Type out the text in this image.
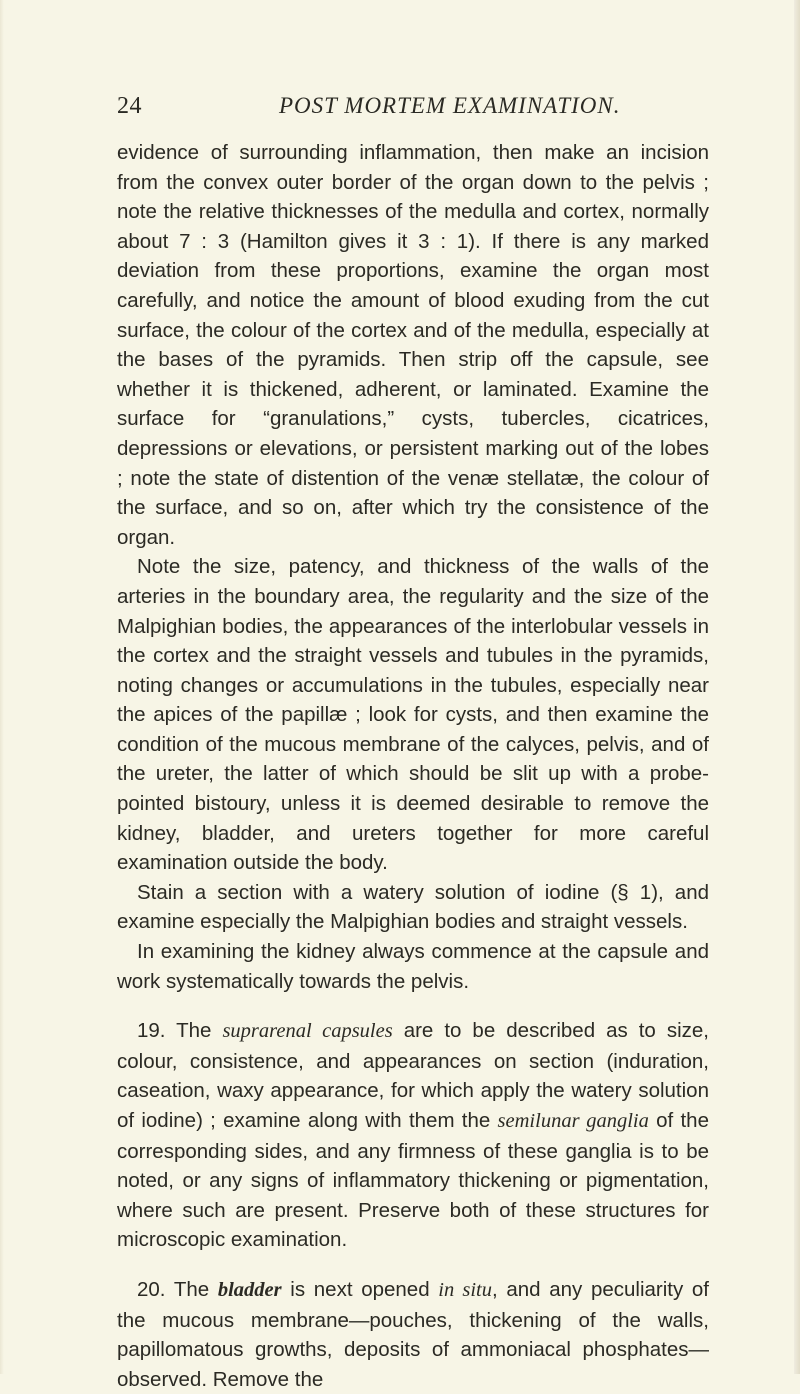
24	POST MORTEM EXAMINATION.

evidence of surrounding inflammation, then make an incision from the convex outer border of the organ down to the pelvis ; note the relative thicknesses of the medulla and cortex, normally about 7 : 3 (Hamilton gives it 3 : 1). If there is any marked deviation from these proportions, examine the organ most carefully, and notice the amount of blood exuding from the cut surface, the colour of the cortex and of the medulla, especially at the bases of the pyramids. Then strip off the capsule, see whether it is thickened, adherent, or laminated. Examine the surface for “granulations,” cysts, tubercles, cicatrices, depressions or elevations, or persistent marking out of the lobes ; note the state of distention of the venæ stellatæ, the colour of the surface, and so on, after which try the consistence of the organ.

Note the size, patency, and thickness of the walls of the arteries in the boundary area, the regularity and the size of the Malpighian bodies, the appearances of the interlobular vessels in the cortex and the straight vessels and tubules in the pyramids, noting changes or accumulations in the tubules, especially near the apices of the papillæ ; look for cysts, and then examine the condition of the mucous membrane of the calyces, pelvis, and of the ureter, the latter of which should be slit up with a probe-pointed bistoury, unless it is deemed desirable to remove the kidney, bladder, and ureters together for more careful examination outside the body.

Stain a section with a watery solution of iodine (§ 1), and examine especially the Malpighian bodies and straight vessels.

In examining the kidney always commence at the capsule and work systematically towards the pelvis.

19. The suprarenal capsules are to be described as to size, colour, consistence, and appearances on section (induration, caseation, waxy appearance, for which apply the watery solution of iodine) ; examine along with them the semilunar ganglia of the corresponding sides, and any firmness of these ganglia is to be noted, or any signs of inflammatory thickening or pigmentation, where such are present. Preserve both of these structures for microscopic examination.

20. The bladder is next opened in situ, and any peculiarity of the mucous membrane—pouches, thickening of the walls, papillomatous growths, deposits of ammoniacal phosphates—observed. Remove the
